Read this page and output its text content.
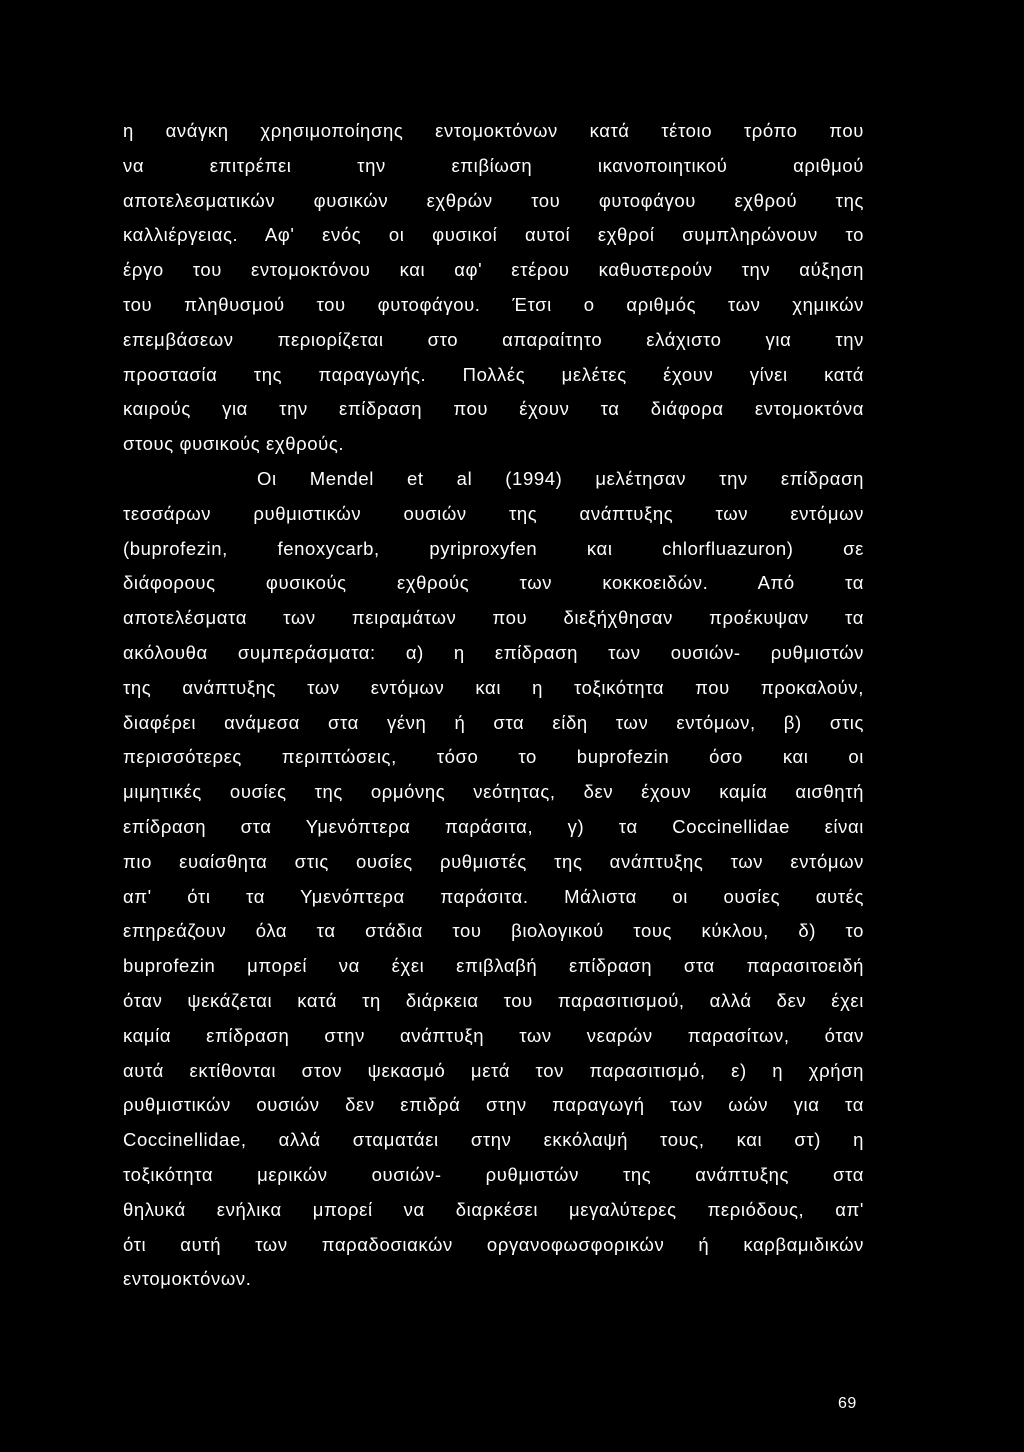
η ανάγκη χρησιμοποίησης εντομοκτόνων κατά τέτοιο τρόπο που
να επιτρέπει την επιβίωση ικανοποιητικού αριθμού
αποτελεσματικών φυσικών εχθρών του φυτοφάγου εχθρού της
καλλιέργειας. Αφ' ενός οι φυσικοί αυτοί εχθροί συμπληρώνουν το
έργο του εντομοκτόνου και αφ' ετέρου καθυστερούν την αύξηση
του πληθυσμού του φυτοφάγου. Έτσι ο αριθμός των χημικών
επεμβάσεων περιορίζεται στο απαραίτητο ελάχιστο για την
προστασία της παραγωγής. Πολλές μελέτες έχουν γίνει κατά
καιρούς για την επίδραση που έχουν τα διάφορα εντομοκτόνα
στους φυσικούς εχθρούς.
Οι Mendel et al (1994) μελέτησαν την επίδραση
τεσσάρων ρυθμιστικών ουσιών της ανάπτυξης των εντόμων
(buprofezin, fenoxycarb, pyriproxyfen και chlorfluazuron) σε
διάφορους φυσικούς εχθρούς των κοκκοειδών. Από τα
αποτελέσματα των πειραμάτων που διεξήχθησαν προέκυψαν τα
ακόλουθα συμπεράσματα: α) η επίδραση των ουσιών- ρυθμιστών
της ανάπτυξης των εντόμων και η τοξικότητα που προκαλούν,
διαφέρει ανάμεσα στα γένη ή στα είδη των εντόμων, β) στις
περισσότερες περιπτώσεις, τόσο το buprofezin όσο και οι
μιμητικές ουσίες της ορμόνης νεότητας, δεν έχουν καμία αισθητή
επίδραση στα Υμενόπτερα παράσιτα, γ) τα Coccinellidae είναι
πιο ευαίσθητα στις ουσίες ρυθμιστές της ανάπτυξης των εντόμων
απ' ότι τα Υμενόπτερα παράσιτα. Μάλιστα οι ουσίες αυτές
επηρεάζουν όλα τα στάδια του βιολογικού τους κύκλου, δ) το
buprofezin μπορεί να έχει επιβλαβή επίδραση στα παρασιτοειδή
όταν ψεκάζεται κατά τη διάρκεια του παρασιτισμού, αλλά δεν έχει
καμία επίδραση στην ανάπτυξη των νεαρών παρασίτων, όταν
αυτά εκτίθονται στον ψεκασμό μετά τον παρασιτισμό, ε) η χρήση
ρυθμιστικών ουσιών δεν επιδρά στην παραγωγή των ωών για τα
Coccinellidae, αλλά σταματάει στην εκκόλαψή τους, και στ) η
τοξικότητα μερικών ουσιών- ρυθμιστών της ανάπτυξης στα
θηλυκά ενήλικα μπορεί να διαρκέσει μεγαλύτερες περιόδους, απ'
ότι αυτή των παραδοσιακών οργανοφωσφορικών ή καρβαμιδικών
εντομοκτόνων.
69
